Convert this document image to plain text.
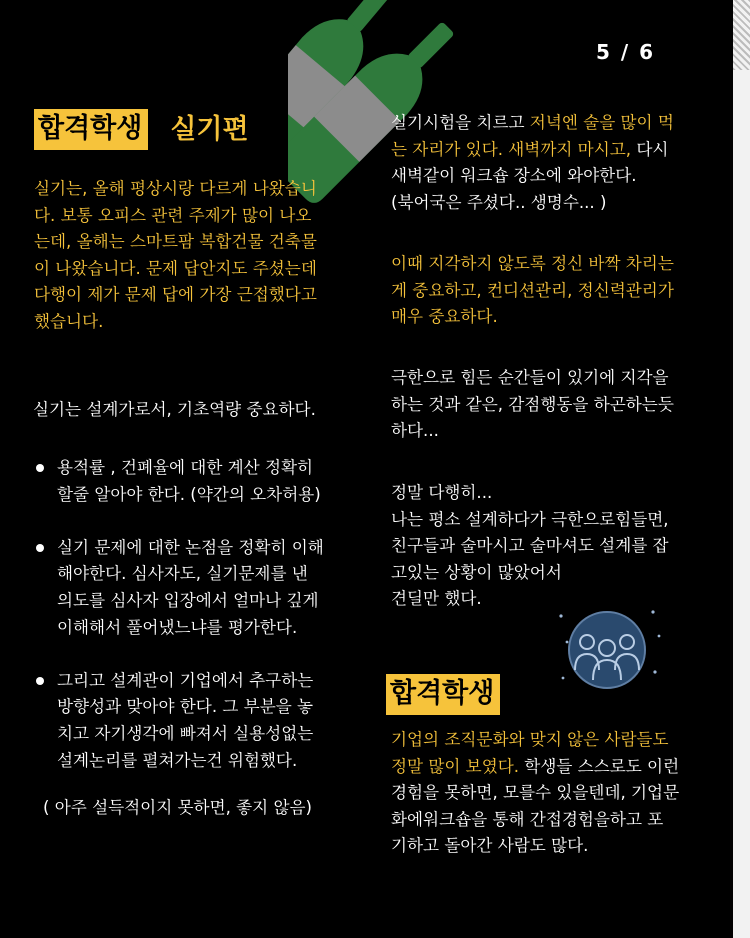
5 / 6
합격학생 실기편

실기는, 올해 평상시랑 다르게 나왔습니
다. 보통 오피스 관련 주제가 많이 나오
는데, 올해는 스마트팜 복합건물 건축물
이 나왔습니다. 문제 답안지도 주셨는데
다행이 제가 문제 답에 가장 근접했다고
했습니다.

실기는 설계가로서, 기초역량 중요하다.

용적률 , 건폐율에 대한 계산 정확히
할줄 알아야 한다. (약간의 오차허용)
실기 문제에 대한 논점을 정확히 이해
해야한다. 심사자도, 실기문제를 낸
의도를 심사자 입장에서 얼마나 깊게
이해해서 풀어냈느냐를 평가한다.
그리고 설계관이 기업에서 추구하는
방향성과 맞아야 한다. 그 부분을 놓
치고 자기생각에 빠져서 실용성없는
설계논리를 펼쳐가는건 위험했다.
( 아주 설득적이지 못하면, 좋지 않음)

실기시험을 치르고 저녁엔 술을 많이 먹
는 자리가 있다. 새벽까지 마시고, 다시
새벽같이 워크숍 장소에 와야한다.
(북어국은 주셨다.. 생명수... )

이때 지각하지 않도록 정신 바짝 차리는
게 중요하고, 컨디션관리, 정신력관리가
매우 중요하다.

극한으로 힘든 순간들이 있기에 지각을
하는 것과 같은, 감점행동을 하곤하는듯
하다...

정말 다행히...
나는 평소 설계하다가 극한으로힘들면,
친구들과 술마시고 술마셔도 설계를 잡
고있는 상황이 많았어서
견딜만 했다.

합격학생

기업의 조직문화와 맞지 않은 사람들도
정말 많이 보였다. 학생들 스스로도 이런
경험을 못하면, 모를수 있을텐데, 기업문
화에워크숍을 통해 간접경험을하고 포
기하고 돌아간 사람도 많다.
